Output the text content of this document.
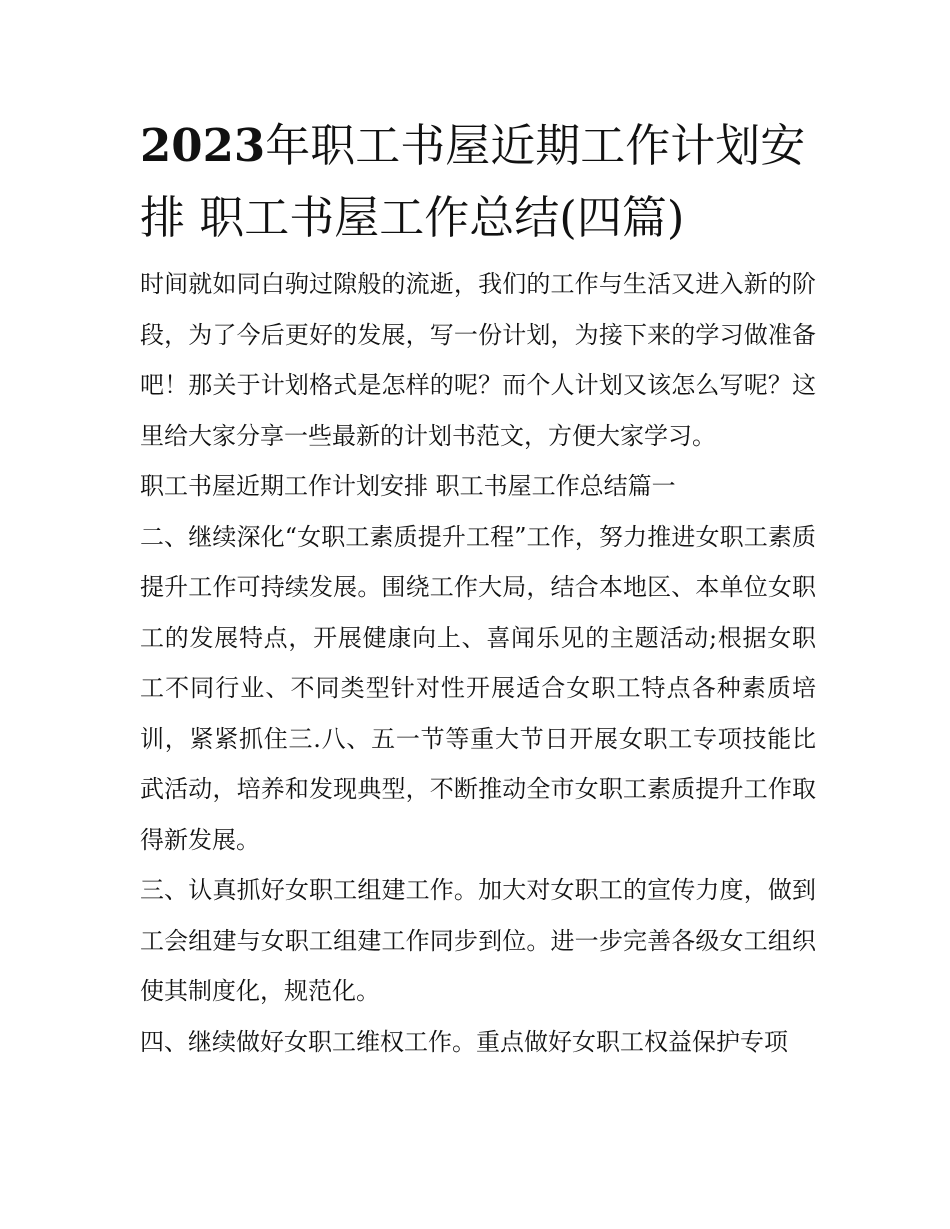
2023年职工书屋近期工作计划安排 职工书屋工作总结(四篇)

时间就如同白驹过隙般的流逝，我们的工作与生活又进入新的阶段，为了今后更好的发展，写一份计划，为接下来的学习做准备吧！那关于计划格式是怎样的呢？而个人计划又该怎么写呢？这里给大家分享一些最新的计划书范文，方便大家学习。

职工书屋近期工作计划安排 职工书屋工作总结篇一

二、继续深化“女职工素质提升工程”工作，努力推进女职工素质提升工作可持续发展。围绕工作大局，结合本地区、本单位女职工的发展特点，开展健康向上、喜闻乐见的主题活动;根据女职工不同行业、不同类型针对性开展适合女职工特点各种素质培训，紧紧抓住三.八、五一节等重大节日开展女职工专项技能比武活动，培养和发现典型，不断推动全市女职工素质提升工作取得新发展。

三、认真抓好女职工组建工作。加大对女职工的宣传力度，做到工会组建与女职工组建工作同步到位。进一步完善各级女工组织使其制度化，规范化。

四、继续做好女职工维权工作。重点做好女职工权益保护专项
